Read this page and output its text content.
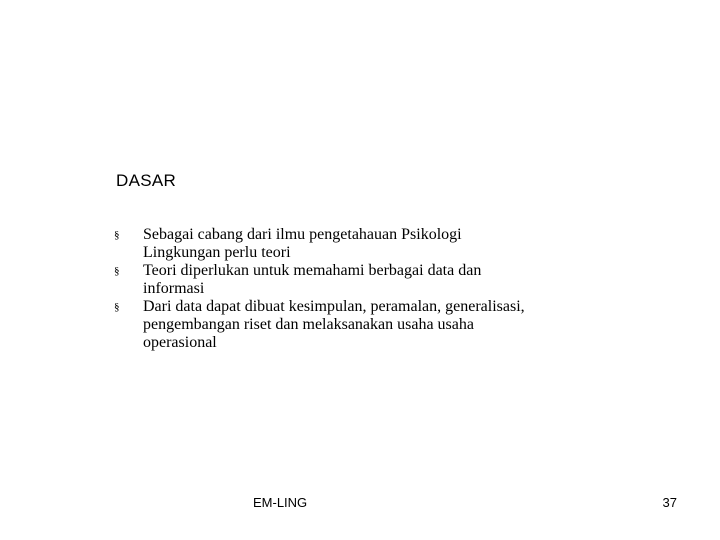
DASAR
§ Sebagai cabang dari ilmu pengetahauan Psikologi
Lingkungan perlu teori
§ Teori diperlukan untuk memahami berbagai data dan
informasi
§ Dari data dapat dibuat kesimpulan, peramalan, generalisasi,
pengembangan riset dan melaksanakan usaha usaha
operasional
EM-LING	37
